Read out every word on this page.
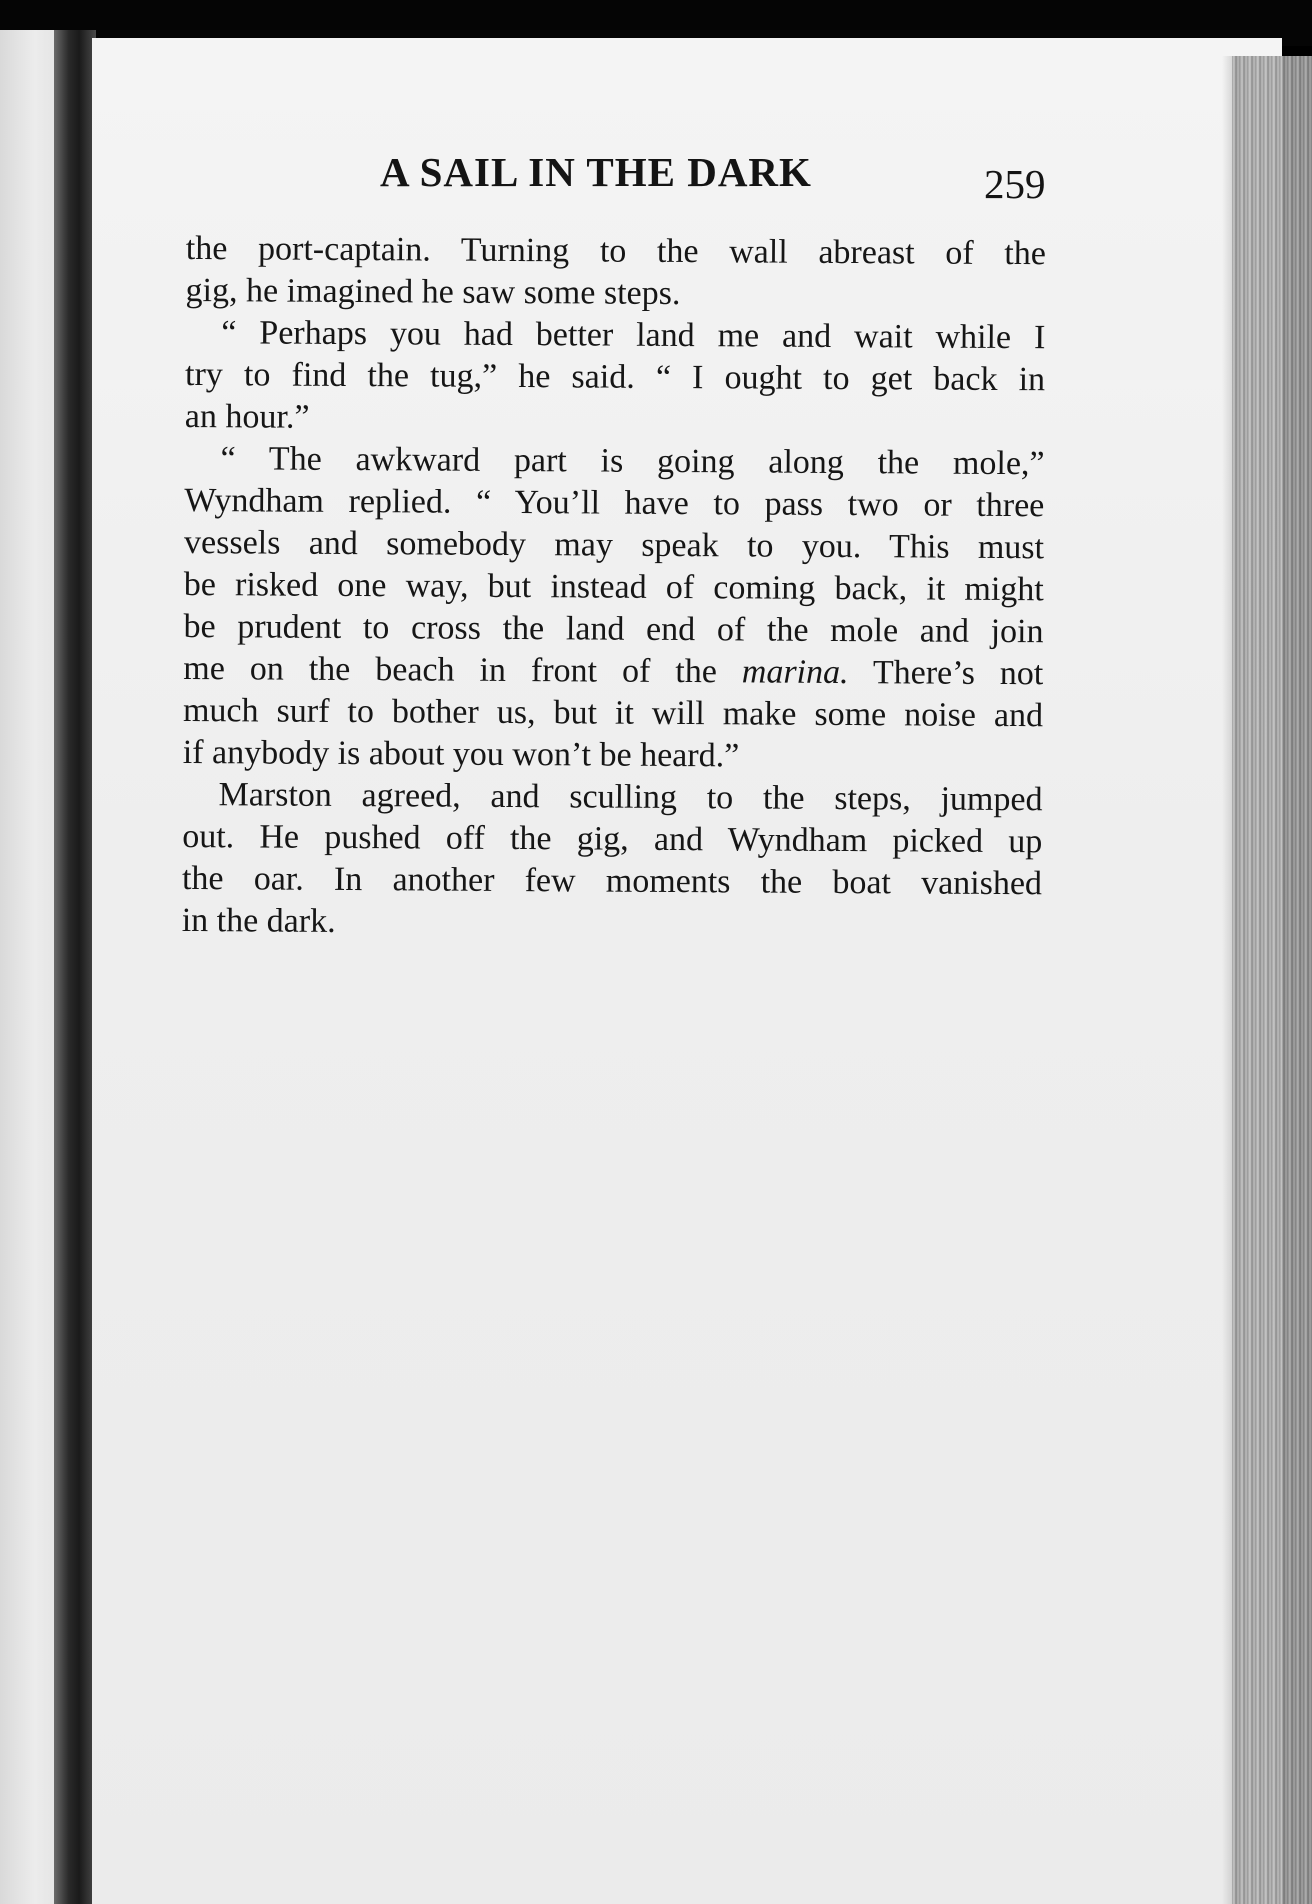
A SAIL IN THE DARK	259
the port-captain. Turning to the wall abreast of the
gig, he imagined he saw some steps.
“ Perhaps you had better land me and wait while I
try to find the tug,” he said. “ I ought to get back in
an hour.”
“ The awkward part is going along the mole,”
Wyndham replied. “ You’ll have to pass two or three
vessels and somebody may speak to you. This must
be risked one way, but instead of coming back, it might
be prudent to cross the land end of the mole and join
me on the beach in front of the marina. There’s not
much surf to bother us, but it will make some noise and
if anybody is about you won’t be heard.”
Marston agreed, and sculling to the steps, jumped
out. He pushed off the gig, and Wyndham picked up
the oar. In another few moments the boat vanished
in the dark.
